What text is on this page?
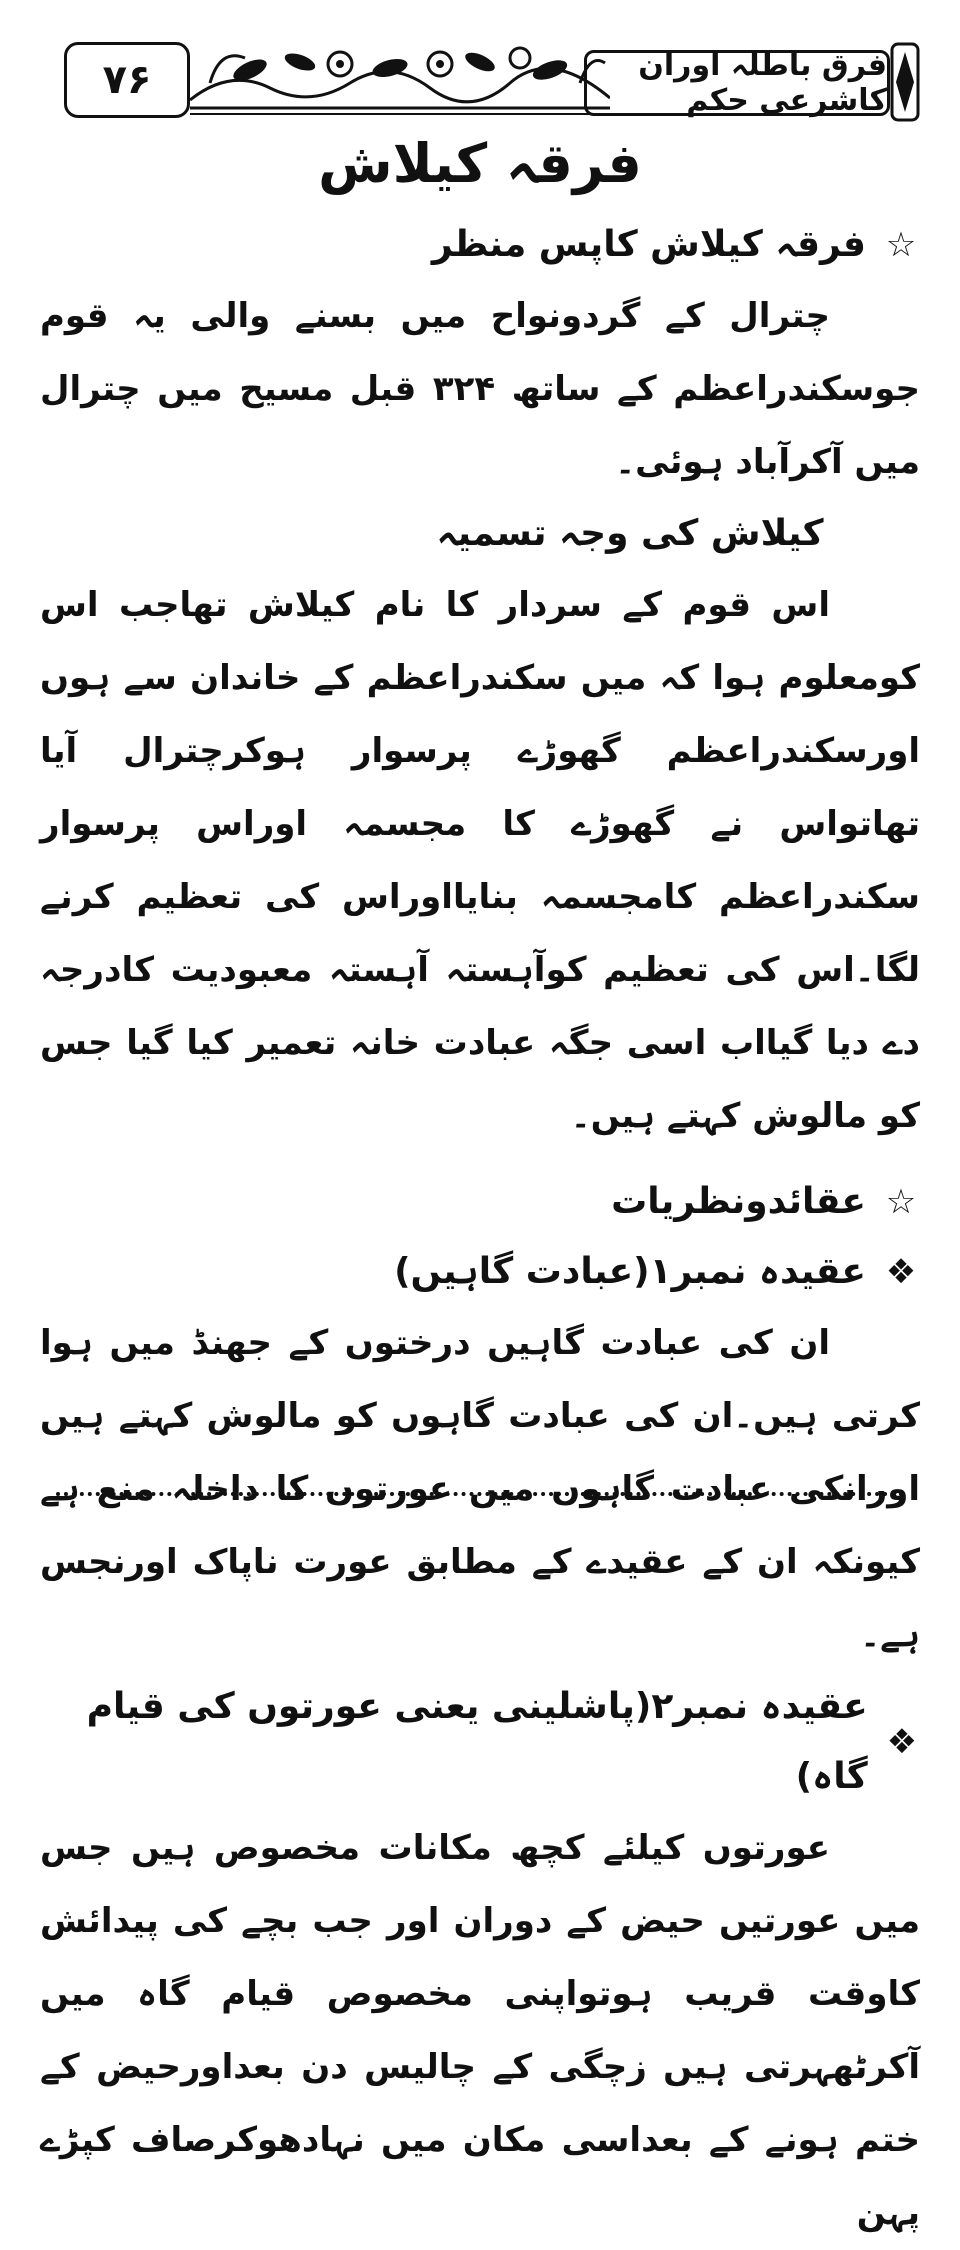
۷۶	فرق باطلہ اوران کاشرعی حکم
فرقہ کیلاش
☆
فرقہ کیلاش کاپس منظر

چترال کے گردونواح میں بسنے والی یہ قوم جوسکندراعظم کے ساتھ ۳۲۴ قبل مسیح میں چترال میں آکرآباد ہوئی۔

کیلاش کی وجہ تسمیہ

اس قوم کے سردار کا نام کیلاش تھاجب اس کومعلوم ہوا کہ میں سکندراعظم کے خاندان سے ہوں اورسکندراعظم گھوڑے پرسوار ہوکرچترال آیا تھاتواس نے گھوڑے کا مجسمہ اوراس پرسوار سکندراعظم کامجسمہ بنایااوراس کی تعظیم کرنے لگا۔اس کی تعظیم کوآہستہ آہستہ معبودیت کادرجہ دے دیا گیااب اسی جگہ عبادت خانہ تعمیر کیا گیا جس کو مالوش کہتے ہیں۔

☆
عقائدونظریات
❖
عقیدہ نمبر۱(عبادت گاہیں)

ان کی عبادت گاہیں درختوں کے جھنڈ میں ہوا کرتی ہیں۔ان کی عبادت گاہوں کو مالوش کہتے ہیں اورانکی عبادت گاہوں میں عورتوں کا داخلہ منع ہے کیونکہ ان کے عقیدے کے مطابق عورت ناپاک اورنجس ہے۔

❖
عقیدہ نمبر۲(پاشلینی یعنی عورتوں کی قیام گاہ)

عورتوں کیلئے کچھ مکانات مخصوص ہیں جس میں عورتیں حیض کے دوران اور جب بچے کی پیدائش کاوقت قریب ہوتواپنی مخصوص قیام گاہ میں آکرٹھہرتی ہیں زچگی کے چالیس دن بعداورحیض کے ختم ہونے کے بعداسی مکان میں نہادھوکرصاف کپڑے پہن
